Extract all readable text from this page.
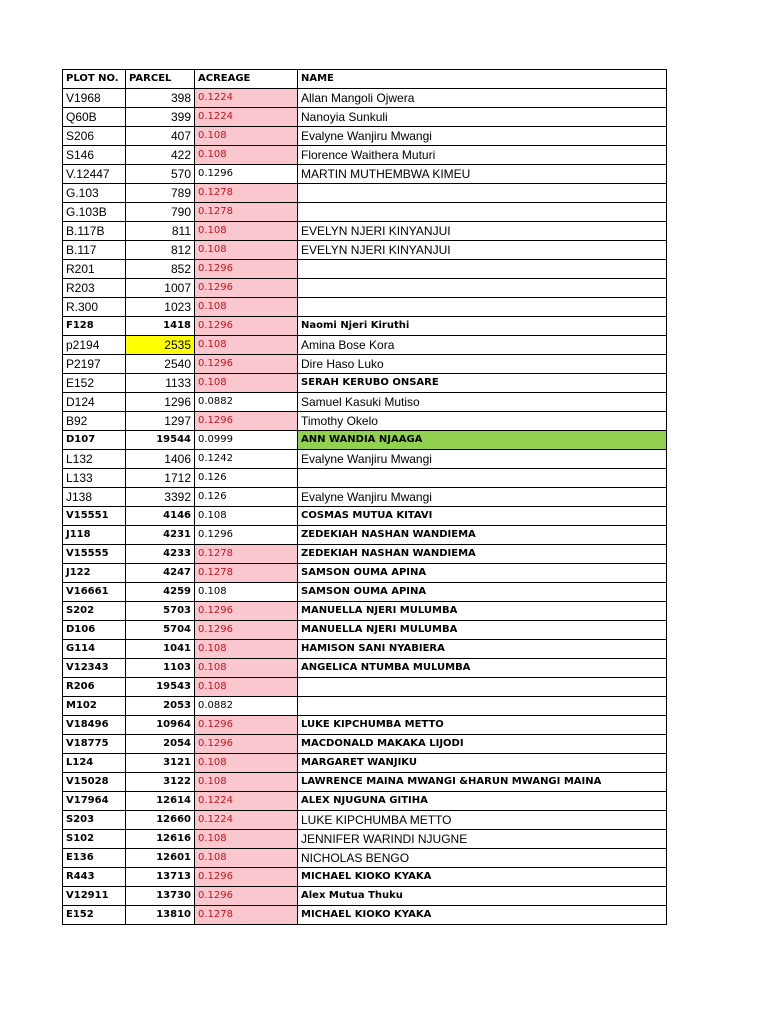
PLOT NO.	PARCEL	ACREAGE	NAME
V1968	398	0.1224	Allan Mangoli Ojwera
Q60B	399	0.1224	Nanoyia Sunkuli
S206	407	0.108	Evalyne Wanjiru Mwangi
S146	422	0.108	Florence Waithera Muturi
V.12447	570	0.1296	MARTIN MUTHEMBWA KIMEU
G.103	789	0.1278	
G.103B	790	0.1278	
B.117B	811	0.108	EVELYN NJERI KINYANJUI
B.117	812	0.108	EVELYN NJERI KINYANJUI
R201	852	0.1296	
R203	1007	0.1296	
R.300	1023	0.108	
F128	1418	0.1296	Naomi Njeri Kiruthi
p2194	2535	0.108	Amina Bose Kora
P2197	2540	0.1296	Dire Haso Luko
E152	1133	0.108	SERAH KERUBO ONSARE
D124	1296	0.0882	Samuel Kasuki Mutiso
B92	1297	0.1296	Timothy Okelo
D107	19544	0.0999	ANN WANDIA NJAAGA
L132	1406	0.1242	Evalyne Wanjiru Mwangi
L133	1712	0.126	
J138	3392	0.126	Evalyne Wanjiru Mwangi
V15551	4146	0.108	COSMAS MUTUA KITAVI
J118	4231	0.1296	ZEDEKIAH NASHAN WANDIEMA
V15555	4233	0.1278	ZEDEKIAH NASHAN WANDIEMA
J122	4247	0.1278	SAMSON OUMA APINA
V16661	4259	0.108	SAMSON OUMA APINA
S202	5703	0.1296	MANUELLA NJERI MULUMBA
D106	5704	0.1296	MANUELLA NJERI MULUMBA
G114	1041	0.108	HAMISON SANI NYABIERA
V12343	1103	0.108	ANGELICA NTUMBA MULUMBA
R206	19543	0.108	
M102	2053	0.0882	
V18496	10964	0.1296	LUKE KIPCHUMBA METTO
V18775	2054	0.1296	MACDONALD MAKAKA LIJODI
L124	3121	0.108	MARGARET WANJIKU
V15028	3122	0.108	LAWRENCE MAINA MWANGI &HARUN MWANGI MAINA
V17964	12614	0.1224	ALEX NJUGUNA GITIHA
S203	12660	0.1224	LUKE KIPCHUMBA METTO
S102	12616	0.108	JENNIFER WARINDI NJUGNE
E136	12601	0.108	NICHOLAS BENGO
R443	13713	0.1296	MICHAEL KIOKO KYAKA
V12911	13730	0.1296	Alex Mutua Thuku
E152	13810	0.1278	MICHAEL KIOKO KYAKA
